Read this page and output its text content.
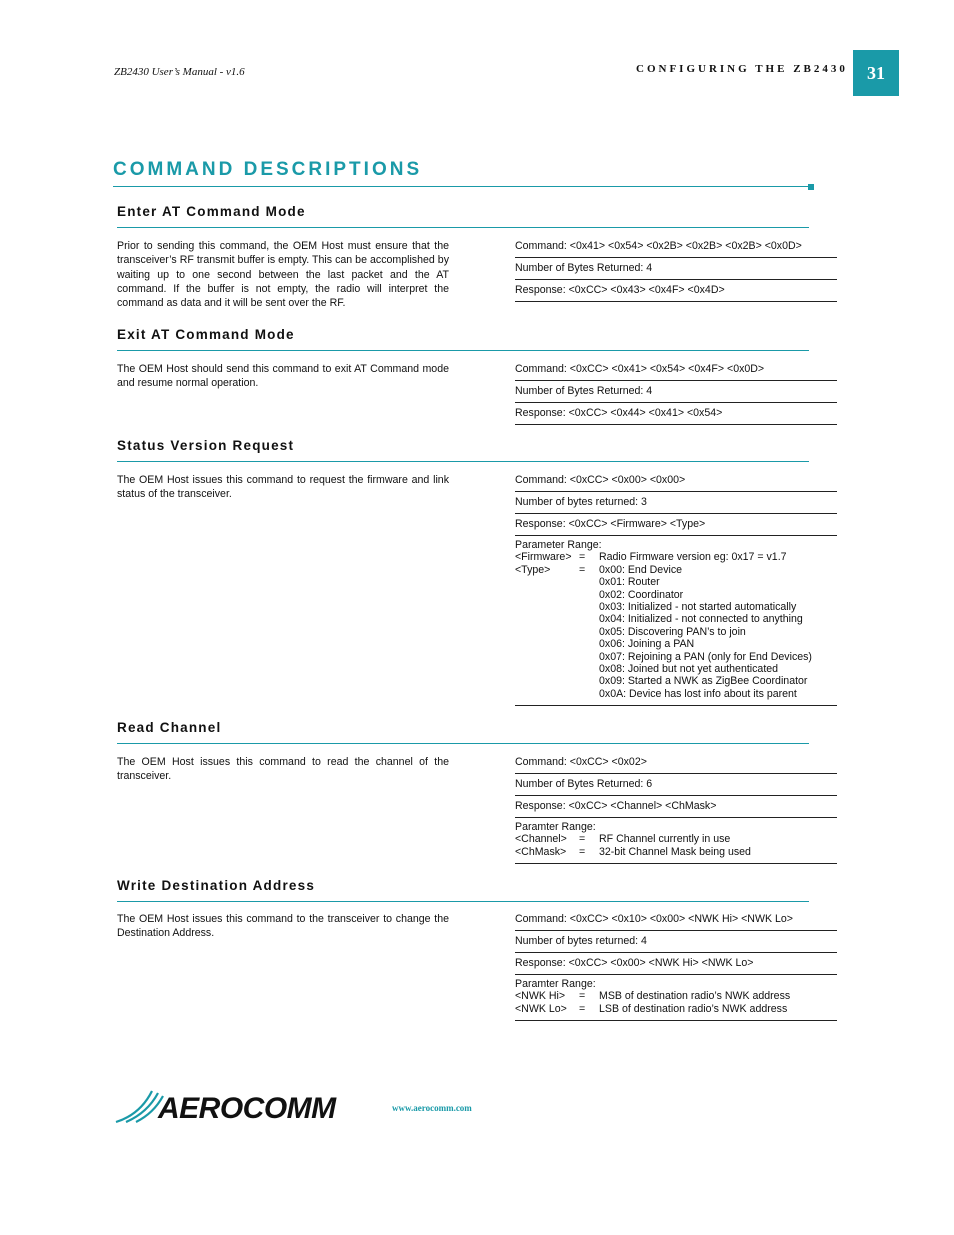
ZB2430 User’s Manual - v1.6	CONFIGURING THE ZB2430	31
COMMAND DESCRIPTIONS
Enter AT Command Mode
Prior to sending this command, the OEM Host must ensure that the transceiver’s RF transmit buffer is empty. This can be accomplished by waiting up to one second between the last packet and the AT command. If the buffer is not empty, the radio will interpret the command as data and it will be sent over the RF.
Command: <0x41> <0x54> <0x2B> <0x2B> <0x2B> <0x0D>
Number of Bytes Returned: 4
Response: <0xCC> <0x43> <0x4F> <0x4D>
Exit AT Command Mode
The OEM Host should send this command to exit AT Command mode and resume normal operation.
Command: <0xCC> <0x41> <0x54> <0x4F> <0x0D>
Number of Bytes Returned: 4
Response: <0xCC> <0x44> <0x41> <0x54>
Status Version Request
The OEM Host issues this command to request the firmware and link status of the transceiver.
Command: <0xCC> <0x00> <0x00>
Number of bytes returned: 3
Response: <0xCC> <Firmware> <Type>
Parameter Range:
<Firmware> =	Radio Firmware version eg: 0x17 = v1.7
<Type>	=	0x00: End Device
0x01: Router
0x02: Coordinator
0x03: Initialized - not started automatically
0x04: Initialized - not connected to anything
0x05: Discovering PAN’s to join
0x06: Joining a PAN
0x07: Rejoining a PAN (only for End Devices)
0x08: Joined but not yet authenticated
0x09: Started a NWK as ZigBee Coordinator
0x0A: Device has lost info about its parent
Read Channel
The OEM Host issues this command to read the channel of the transceiver.
Command: <0xCC> <0x02>
Number of Bytes Returned: 6
Response: <0xCC> <Channel> <ChMask>
Paramter Range:
<Channel>	=	RF Channel currently in use
<ChMask>	=	32-bit Channel Mask being used
Write Destination Address
The OEM Host issues this command to the transceiver to change the Destination Address.
Command: <0xCC> <0x10> <0x00> <NWK Hi> <NWK Lo>
Number of bytes returned: 4
Response: <0xCC> <0x00> <NWK Hi> <NWK Lo>
Paramter Range:
<NWK Hi>	=	MSB of destination radio’s NWK address
<NWK Lo>	=	LSB of destination radio’s NWK address
AEROCOMM	www.aerocomm.com
